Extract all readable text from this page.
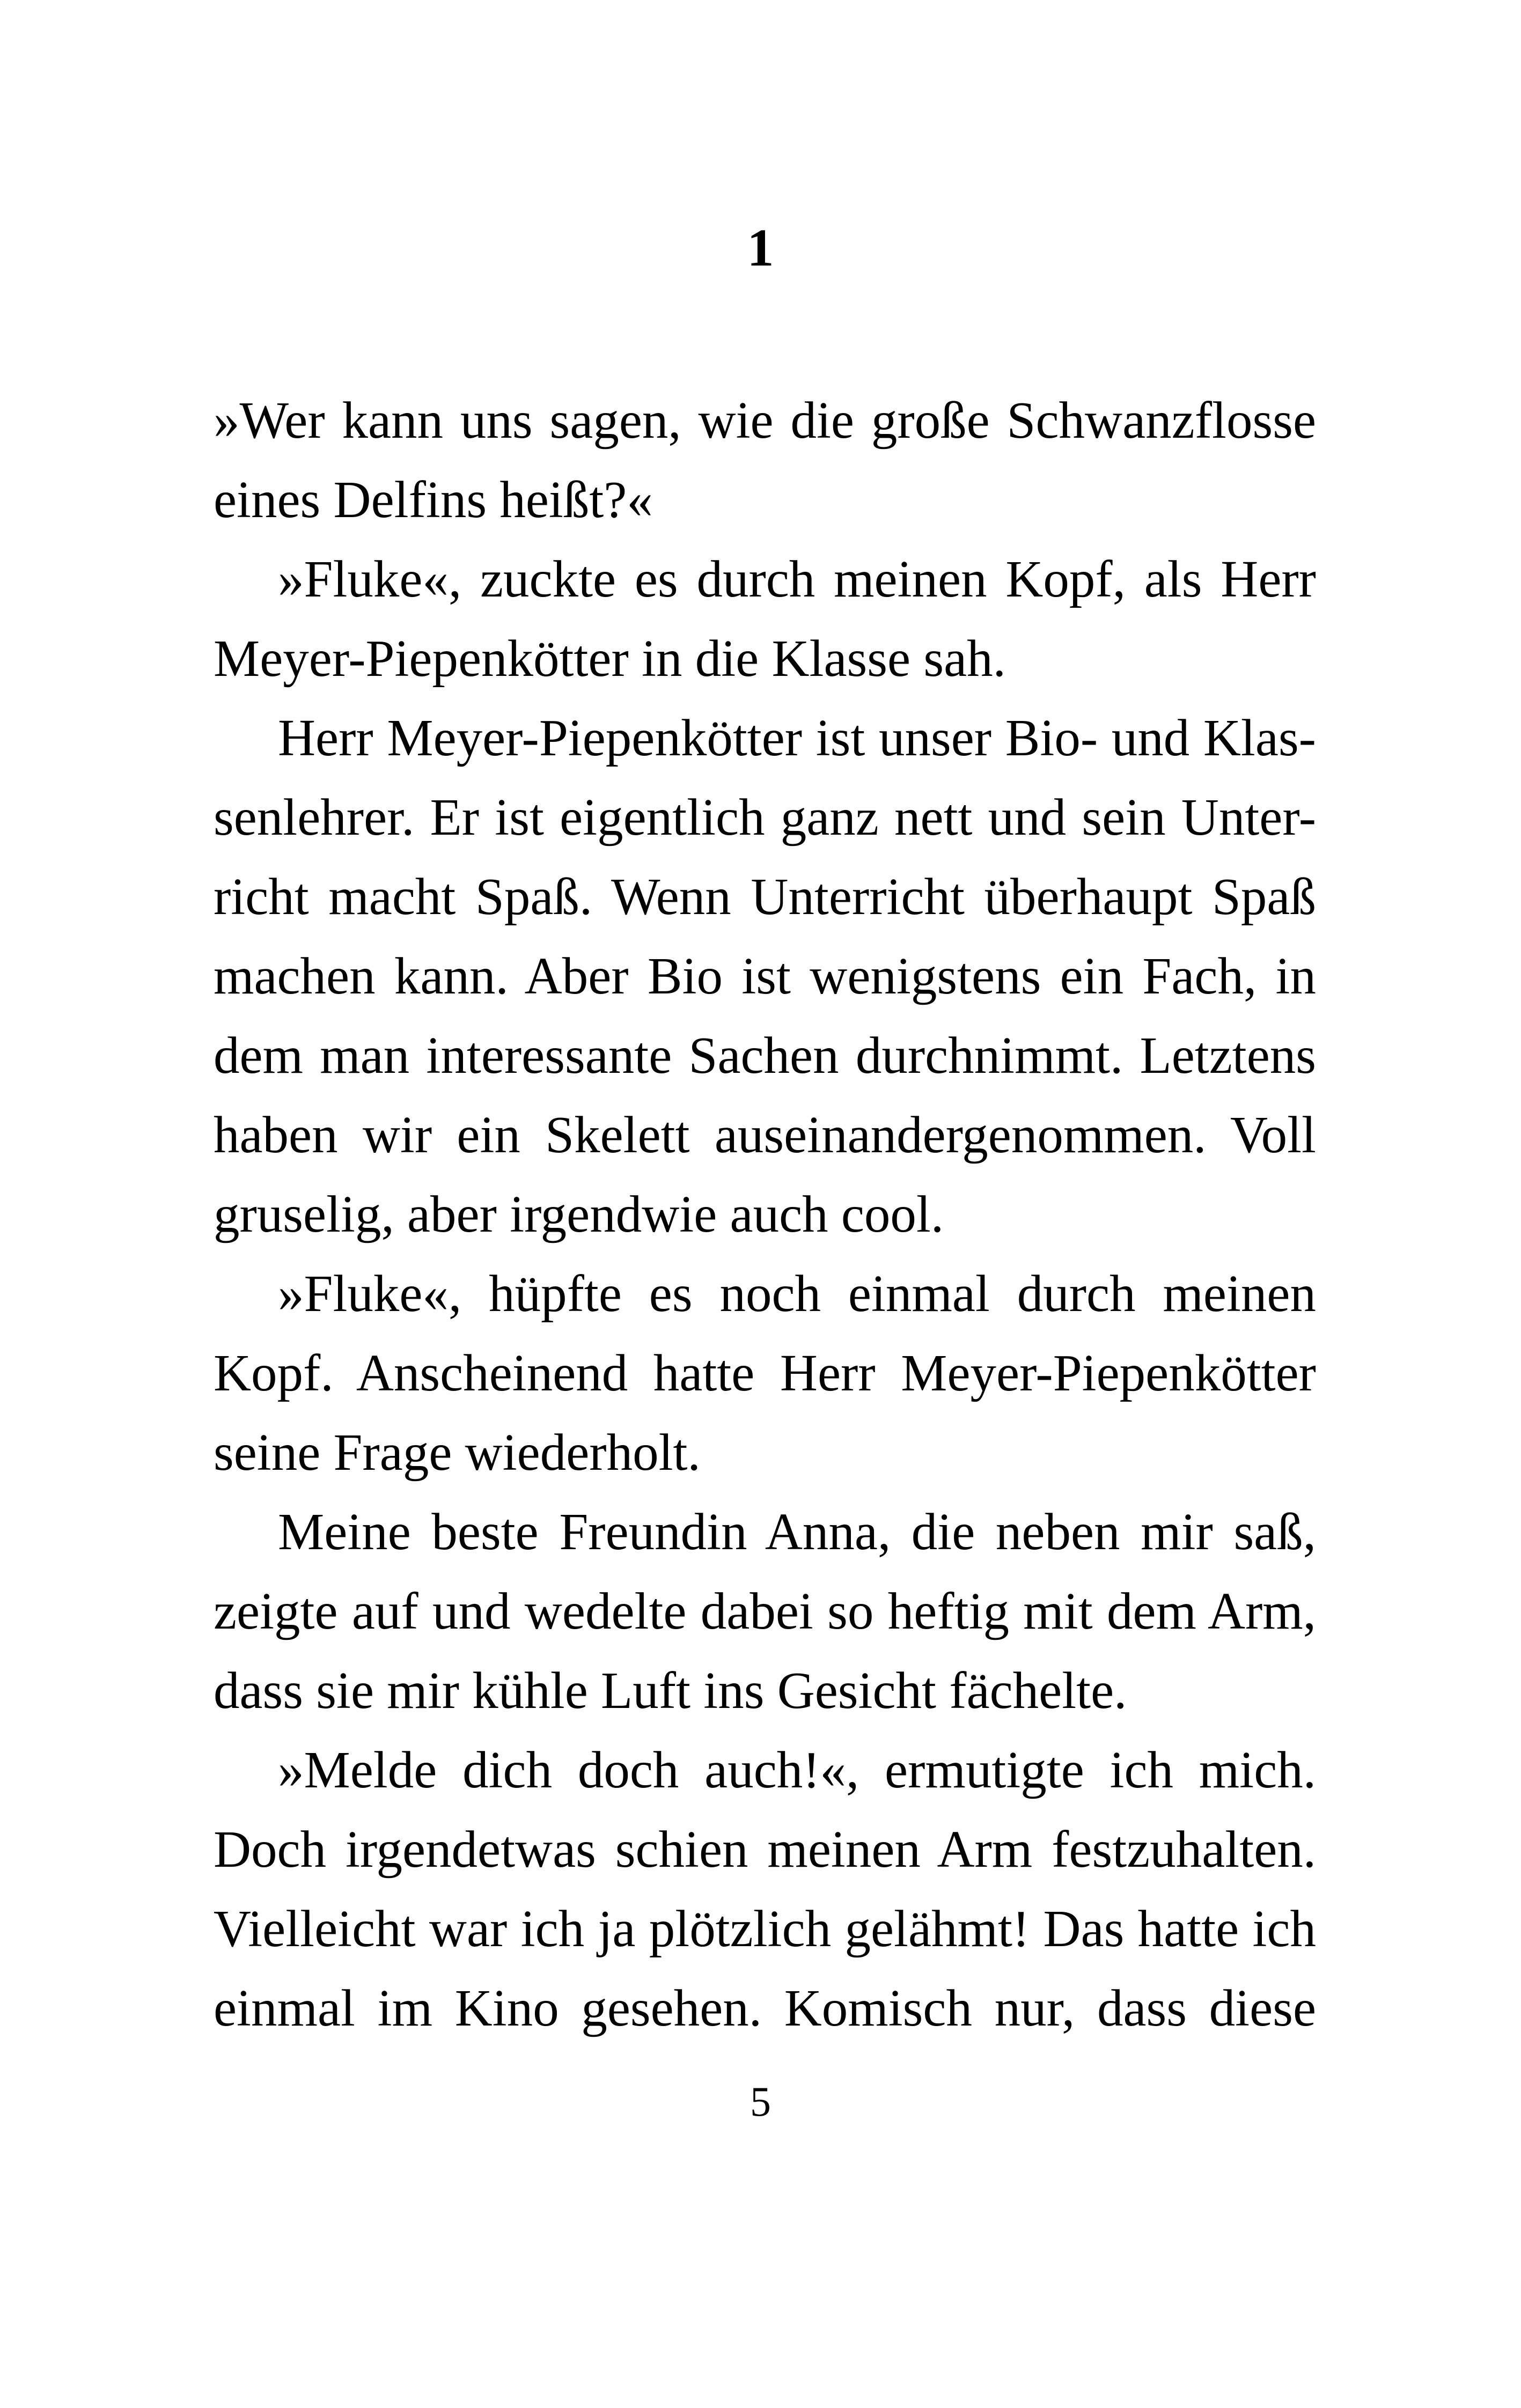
1
»Wer kann uns sagen, wie die große Schwanzflosse
eines Delfins heißt?«
»Fluke«, zuckte es durch meinen Kopf, als Herr
Meyer-Piepenkötter in die Klasse sah.
Herr Meyer-Piepenkötter ist unser Bio- und Klas-
senlehrer. Er ist eigentlich ganz nett und sein Unter-
richt macht Spaß. Wenn Unterricht überhaupt Spaß
machen kann. Aber Bio ist wenigstens ein Fach, in
dem man interessante Sachen durchnimmt. Letztens
haben wir ein Skelett auseinandergenommen. Voll
gruselig, aber irgendwie auch cool.
»Fluke«, hüpfte es noch einmal durch meinen
Kopf. Anscheinend hatte Herr Meyer-Piepenkötter
seine Frage wiederholt.
Meine beste Freundin Anna, die neben mir saß,
zeigte auf und wedelte dabei so heftig mit dem Arm,
dass sie mir kühle Luft ins Gesicht fächelte.
»Melde dich doch auch!«, ermutigte ich mich.
Doch irgendetwas schien meinen Arm festzuhalten.
Vielleicht war ich ja plötzlich gelähmt! Das hatte ich
einmal im Kino gesehen. Komisch nur, dass diese
5
